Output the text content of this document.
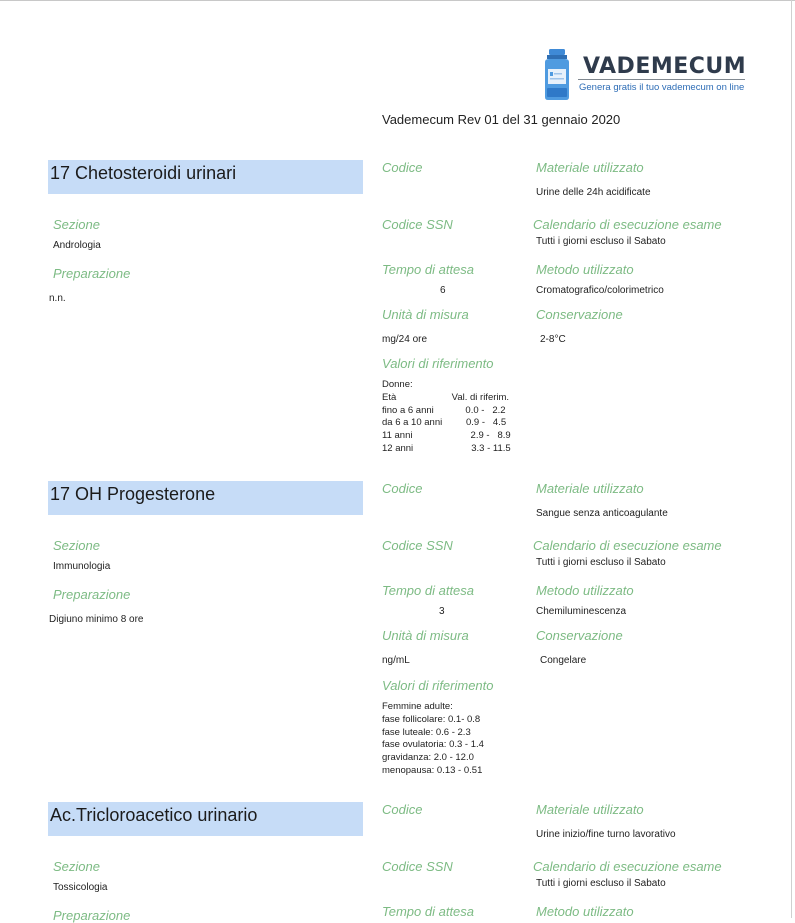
VADEMECUM
Genera gratis il tuo vademecum on line
Vademecum Rev 01 del 31 gennaio 2020
17 Chetosteroidi urinari	Codice	Materiale utilizzato
Urine delle 24h acidificate
Sezione
Andrologia
Codice SSN	Calendario di esecuzione esame
Tutti i giorni escluso il Sabato
Preparazione
n.n.
Tempo di attesa
6
Metodo utilizzato
Cromatografico/colorimetrico
Unità di misura
mg/24 ore
Conservazione
2-8°C
Valori di riferimento
Donne:
Età                     Val. di riferim.
fino a 6 anni            0.0 -   2.2
da 6 a 10 anni         0.9 -   4.5
11 anni                      2.9 -   8.9
12 anni                      3.3 - 11.5
17 OH Progesterone	Codice	Materiale utilizzato
Sangue senza anticoagulante
Sezione
Immunologia
Codice SSN	Calendario di esecuzione esame
Tutti i giorni escluso il Sabato
Preparazione
Digiuno minimo 8 ore
Tempo di attesa
3
Metodo utilizzato
Chemiluminescenza
Unità di misura
ng/mL
Conservazione
Congelare
Valori di riferimento
Femmine adulte:
fase follicolare: 0.1- 0.8
fase luteale: 0.6 - 2.3
fase ovulatoria: 0.3 - 1.4
gravidanza: 2.0 - 12.0
menopausa: 0.13 - 0.51
Ac.Tricloroacetico urinario	Codice	Materiale utilizzato
Urine inizio/fine turno lavorativo
Sezione
Tossicologia
Codice SSN	Calendario di esecuzione esame
Tutti i giorni escluso il Sabato
Preparazione	Tempo di attesa	Metodo utilizzato
